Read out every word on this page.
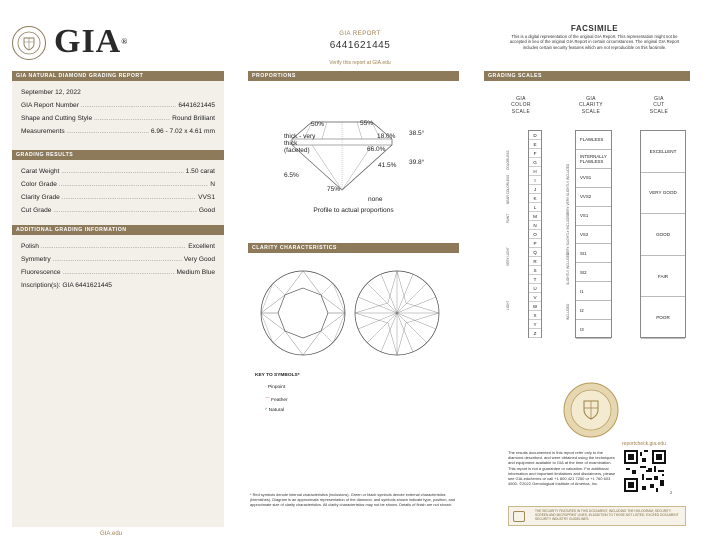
GIA®
GIA REPORT
6441621445
Verify this report at GIA.edu
FACSIMILE
This is a digital representation of the original GIA Report. This representation might not be accepted in lieu of the original GIA Report in certain circumstances. The original GIA Report includes certain security features which are not reproducible on this facsimile.
GIA NATURAL DIAMOND GRADING REPORT
September 12, 2022
GIA Report Number .....	6441621445
Shape and Cutting Style .....	Round Brilliant
Measurements .....	6.96 - 7.02 x 4.61 mm
GRADING RESULTS
Carat Weight .....	1.50 carat
Color Grade .....	N
Clarity Grade .....	VVS1
Cut Grade .....	Good
ADDITIONAL GRADING INFORMATION
Polish .....	Excellent
Symmetry .....	Very Good
Fluorescence .....	Medium Blue
Inscription(s): GIA 6441621445
GIA.edu
PROPORTIONS
50%	55%
18.0% 38.5°
thick - very thick (faceted)
6.5%
66.0%
41.5% 39.8°
75%
none
Profile to actual proportions
CLARITY CHARACTERISTICS
KEY TO SYMBOLS*
· Pinpoint
⌒ Feather
^ Natural
* Red symbols denote internal characteristics (inclusions). Green or black symbols denote external characteristics (blemishes). Diagram is an approximate representation of the diamond, and symbols shown indicate type, position, and approximate size of clarity characteristics. All clarity characteristics may not be shown. Details of finish are not shown.
GRADING SCALES
GIA
COLOR
SCALE
GIA
CLARITY
SCALE
GIA
CUT
SCALE
D
E
F
G
H
I
J
K
L
M
N
O
P
Q
R
S
T
U
V
W
X
Y
Z
FLAWLESS
INTERNALLY FLAWLESS
VVS1
VVS2
VS1
VS2
SI1
SI2
I1
I2
I3
EXCELLENT
VERY GOOD
GOOD
FAIR
POOR
COLORLESS
NEAR COLORLESS
FAINT
VERY LIGHT
LIGHT
VERY VERY SLIGHTLY INCLUDED
VERY SLIGHTLY INCLUDED
SLIGHTLY INCLUDED
INCLUDED
reportcheck.gia.edu
The results documented in this report refer only to the diamond described, and were obtained using the techniques and equipment available to GIA at the time of examination. This report is not a guarantee or valuation. For additional information and important limitations and disclaimers, please see GIA.edu/terms or call +1 800 421 7250 or +1 760 603 4500. ©2022 Gemological Institute of America, Inc.
2
THE SECURITY FEATURES IN THIS DOCUMENT, INCLUDING THE HOLOGRAM, SECURITY SCREEN AND MICROPRINT LINES, IN ADDITION TO THOSE NOT LISTED, EXCEED DOCUMENT SECURITY INDUSTRY GUIDELINES.
